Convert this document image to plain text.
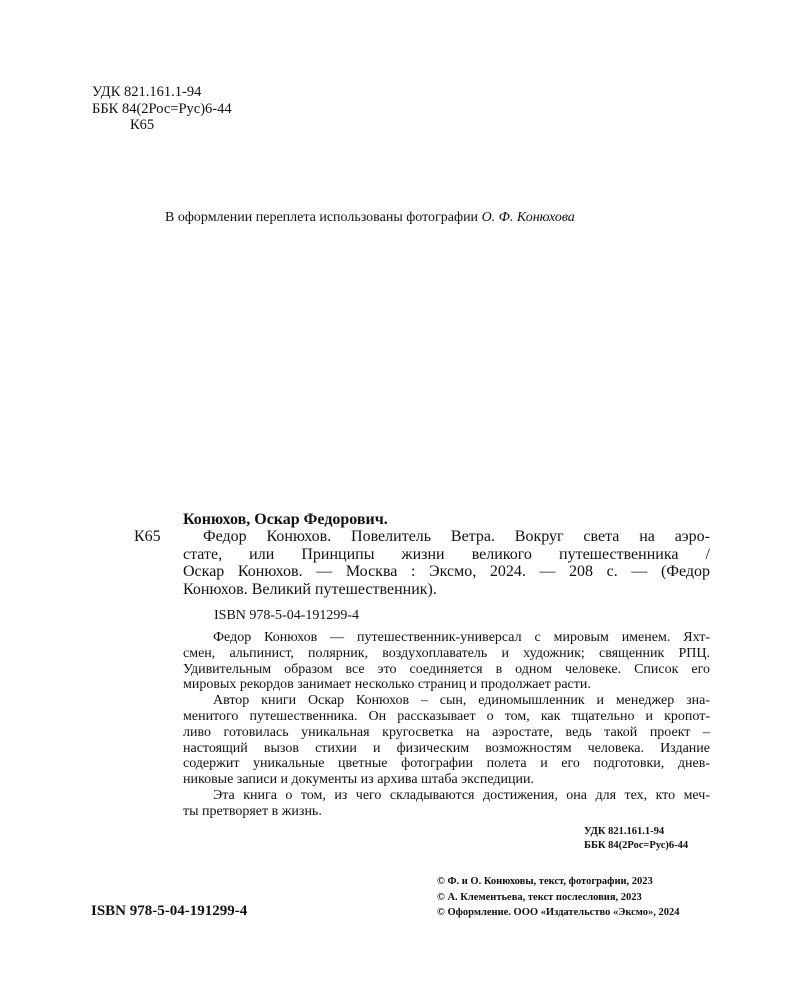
УДК 821.161.1-94
ББК 84(2Рос=Рус)6-44
К65
В оформлении переплета использованы фотографии О. Ф. Конюхова
Конюхов, Оскар Федорович.
К65	Федор Конюхов. Повелитель Ветра. Вокруг света на аэро-
стате, или Принципы жизни великого путешественника /
Оскар Конюхов. — Москва : Эксмо, 2024. — 208 с. — (Федор
Конюхов. Великий путешественник).
ISBN 978-5-04-191299-4
Федор Конюхов — путешественник-универсал с мировым именем. Яхт-
смен, альпинист, полярник, воздухоплаватель и художник; священник РПЦ.
Удивительным образом все это соединяется в одном человеке. Список его
мировых рекордов занимает несколько страниц и продолжает расти.
Автор книги Оскар Конюхов – сын, единомышленник и менеджер зна-
менитого путешественника. Он рассказывает о том, как тщательно и кропот-
ливо готовилась уникальная кругосветка на аэростате, ведь такой проект –
настоящий вызов стихии и физическим возможностям человека. Издание
содержит уникальные цветные фотографии полета и его подготовки, днев-
никовые записи и документы из архива штаба экспедиции.
Эта книга о том, из чего складываются достижения, она для тех, кто меч-
ты претворяет в жизнь.
УДК 821.161.1-94
ББК 84(2Рос=Рус)6-44
© Ф. и О. Конюховы, текст, фотографии, 2023
© А. Клементьева, текст послесловия, 2023
© Оформление. ООО «Издательство «Эксмо», 2024
ISBN 978-5-04-191299-4
